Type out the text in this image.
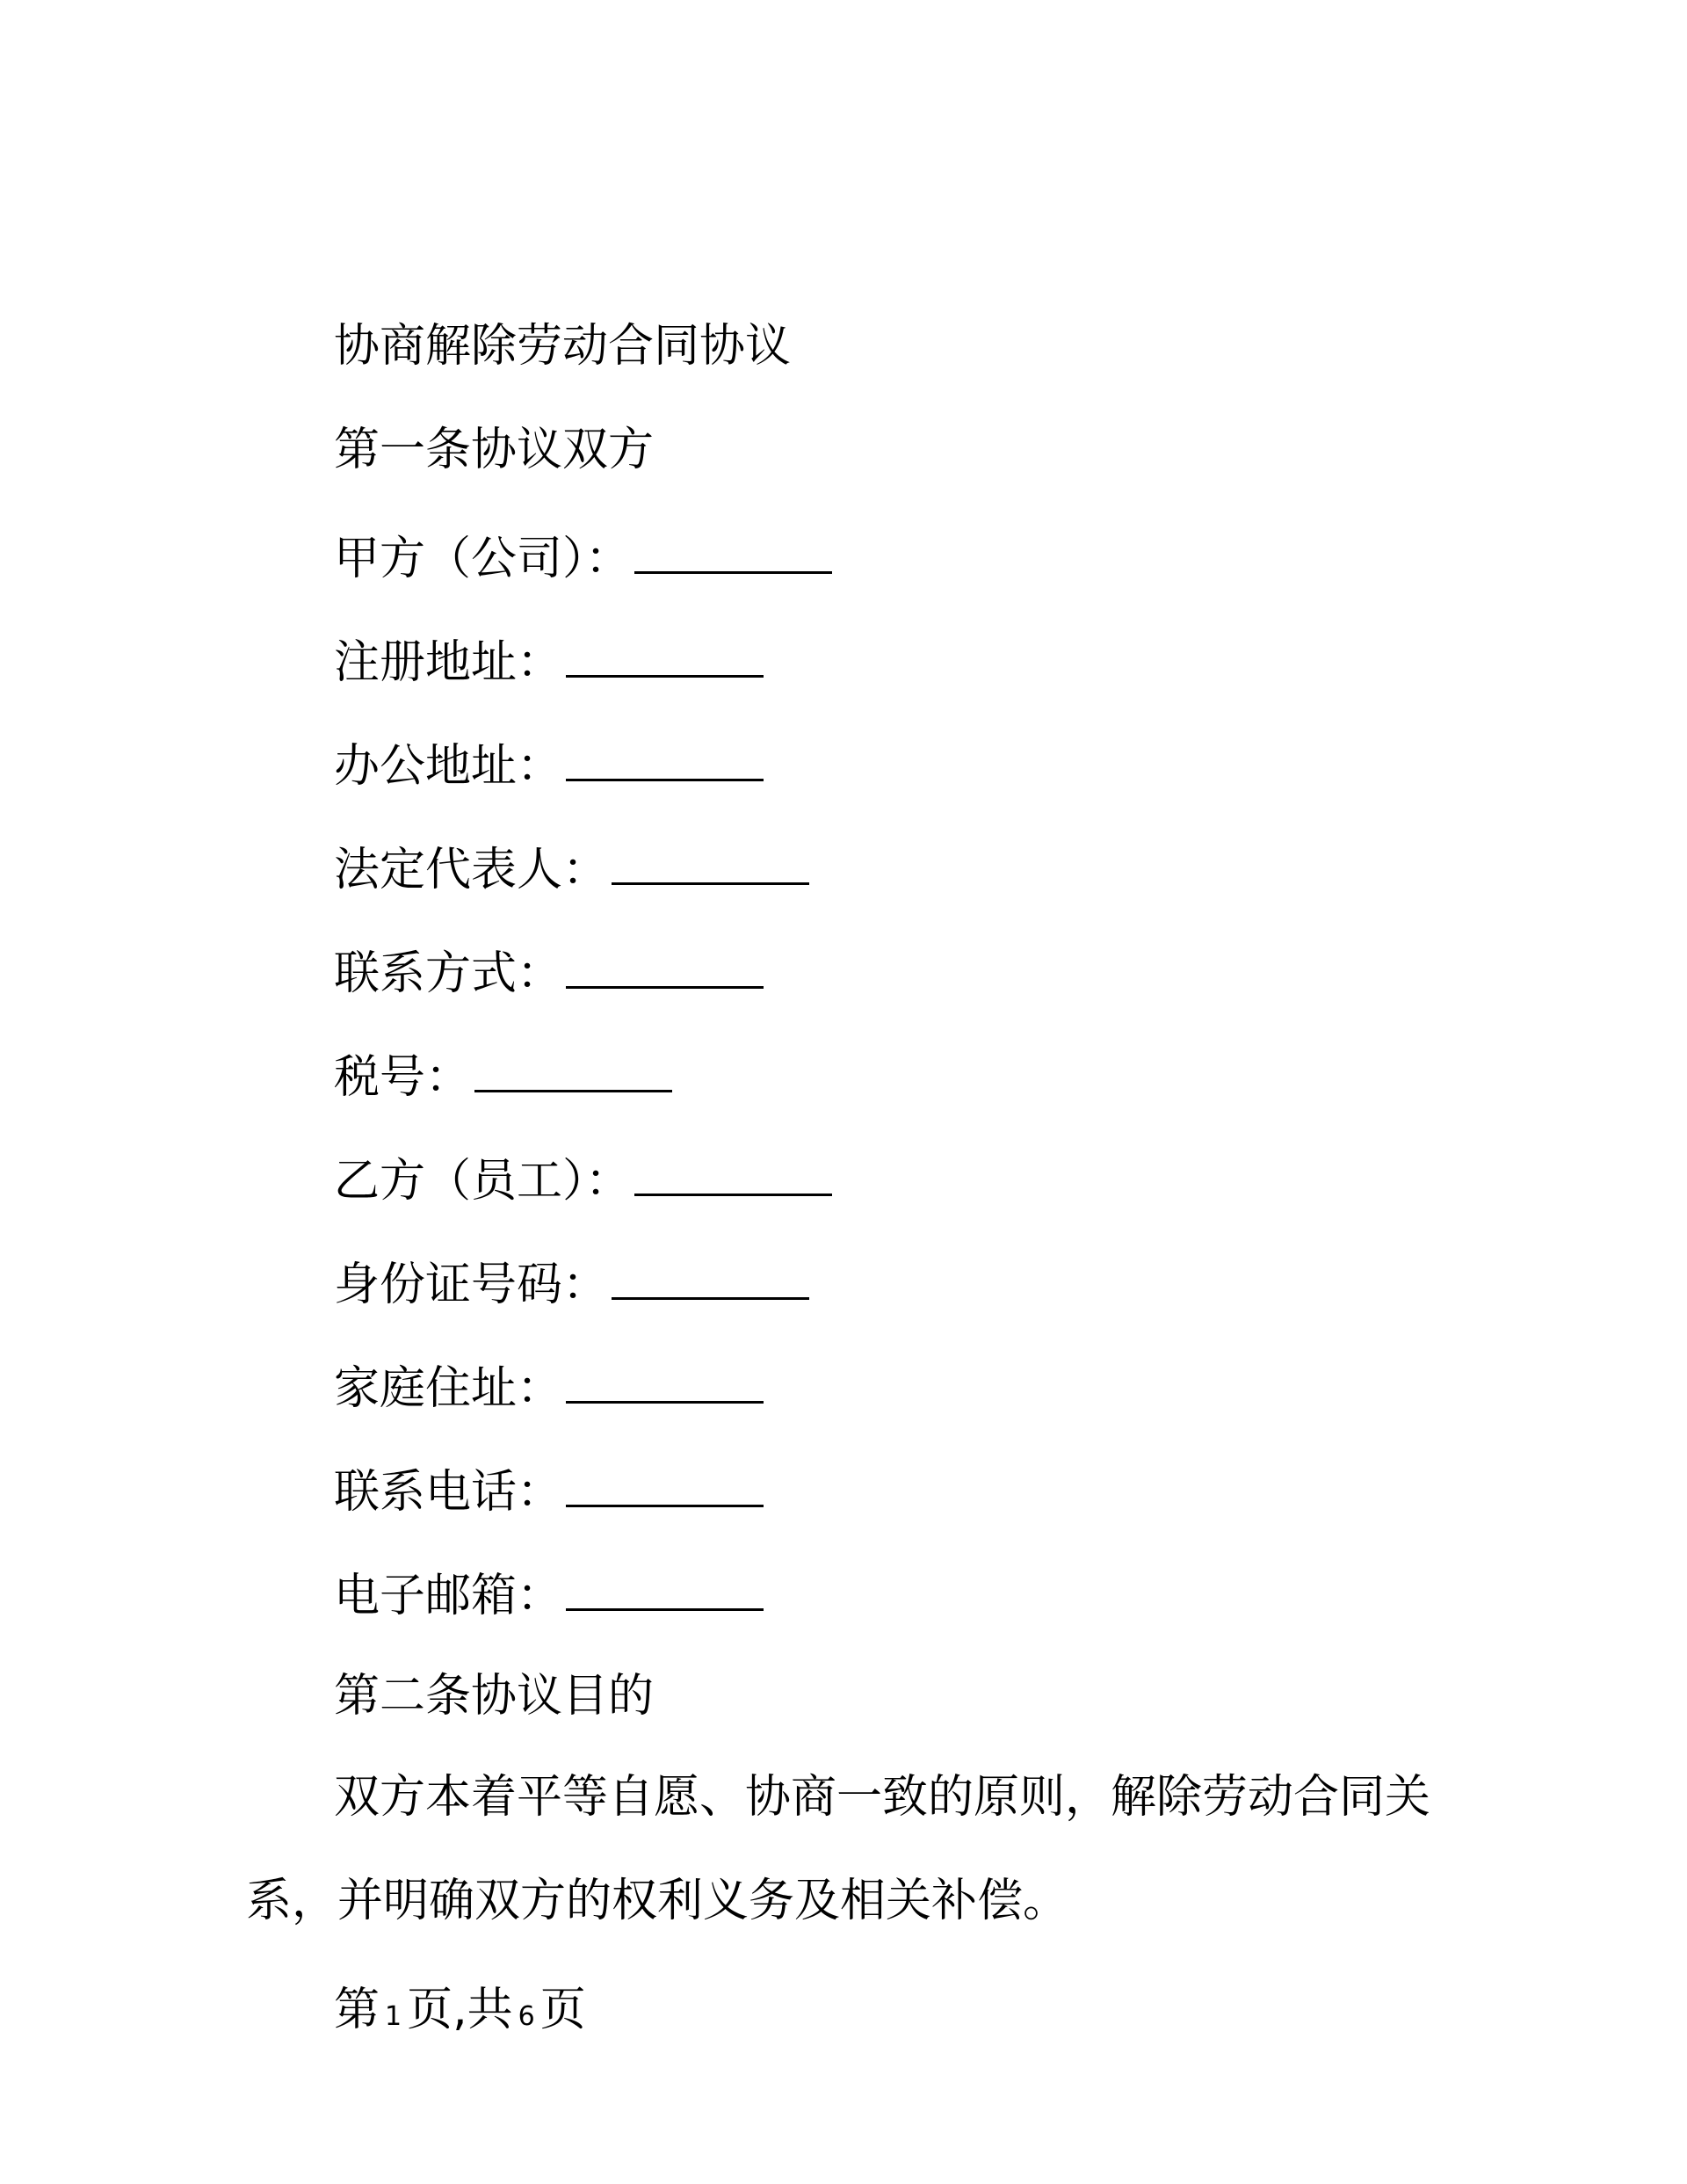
协商解除劳动合同协议
第一条协议双方
甲方（公司）：
注册地址：
办公地址：
法定代表人：
联系方式：
税号：
乙方（员工）：
身份证号码：
家庭住址：
联系电话：
电子邮箱：
第二条协议目的
双方本着平等自愿、协商一致的原则，解除劳动合同关系，并明确双方的权利义务及相关补偿。
第 1 页,共 6 页
